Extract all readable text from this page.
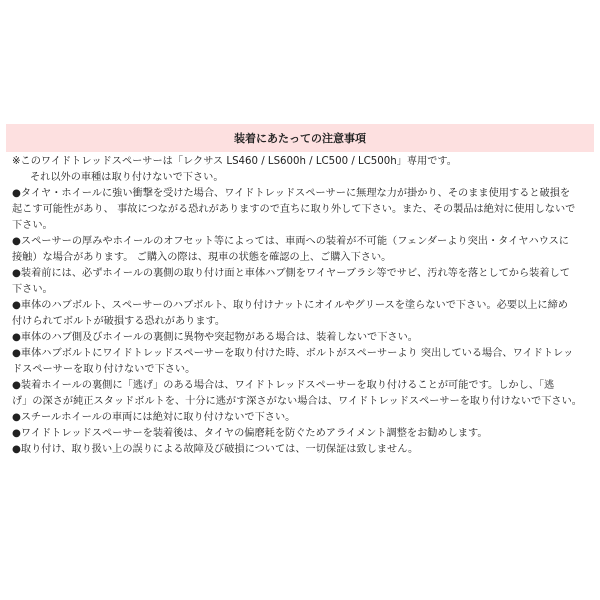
装着にあたっての注意事項
※このワイドトレッドスペーサーは「レクサス LS460 / LS600h / LC500 / LC500h」専用です。
それ以外の車種は取り付けないで下さい。
●タイヤ・ホイールに強い衝撃を受けた場合、ワイドトレッドスペーサーに無理な力が掛かり、そのまま使用すると破損を
起こす可能性があり、 事故につながる恐れがありますので直ちに取り外して下さい。また、その製品は絶対に使用しないで
下さい。
●スペーサーの厚みやホイールのオフセット等によっては、車両への装着が不可能（フェンダーより突出・タイヤハウスに
接触）な場合があります。 ご購入の際は、現車の状態を確認の上、ご購入下さい。
●装着前には、必ずホイールの裏側の取り付け面と車体ハブ側をワイヤーブラシ等でサビ、汚れ等を落としてから装着して
下さい。
●車体のハブボルト、スペーサーのハブボルト、取り付けナットにオイルやグリースを塗らないで下さい。必要以上に締め
付けられてボルトが破損する恐れがあります。
●車体のハブ側及びホイールの裏側に異物や突起物がある場合は、装着しないで下さい。
●車体ハブボルトにワイドトレッドスペーサーを取り付けた時、ボルトがスペーサーより 突出している場合、ワイドトレッ
ドスペーサーを取り付けないで下さい。
●装着ホイールの裏側に「逃げ」のある場合は、ワイドトレッドスペーサーを取り付けることが可能です。しかし、「逃
げ」の深さが純正スタッドボルトを、十分に逃がす深さがない場合は、ワイドトレッドスペーサーを取り付けないで下さい。
●スチールホイールの車両には絶対に取り付けないで下さい。
●ワイドトレッドスペーサーを装着後は、タイヤの偏磨耗を防ぐためアライメント調整をお勧めします。
●取り付け、取り扱い上の誤りによる故障及び破損については、一切保証は致しません。
